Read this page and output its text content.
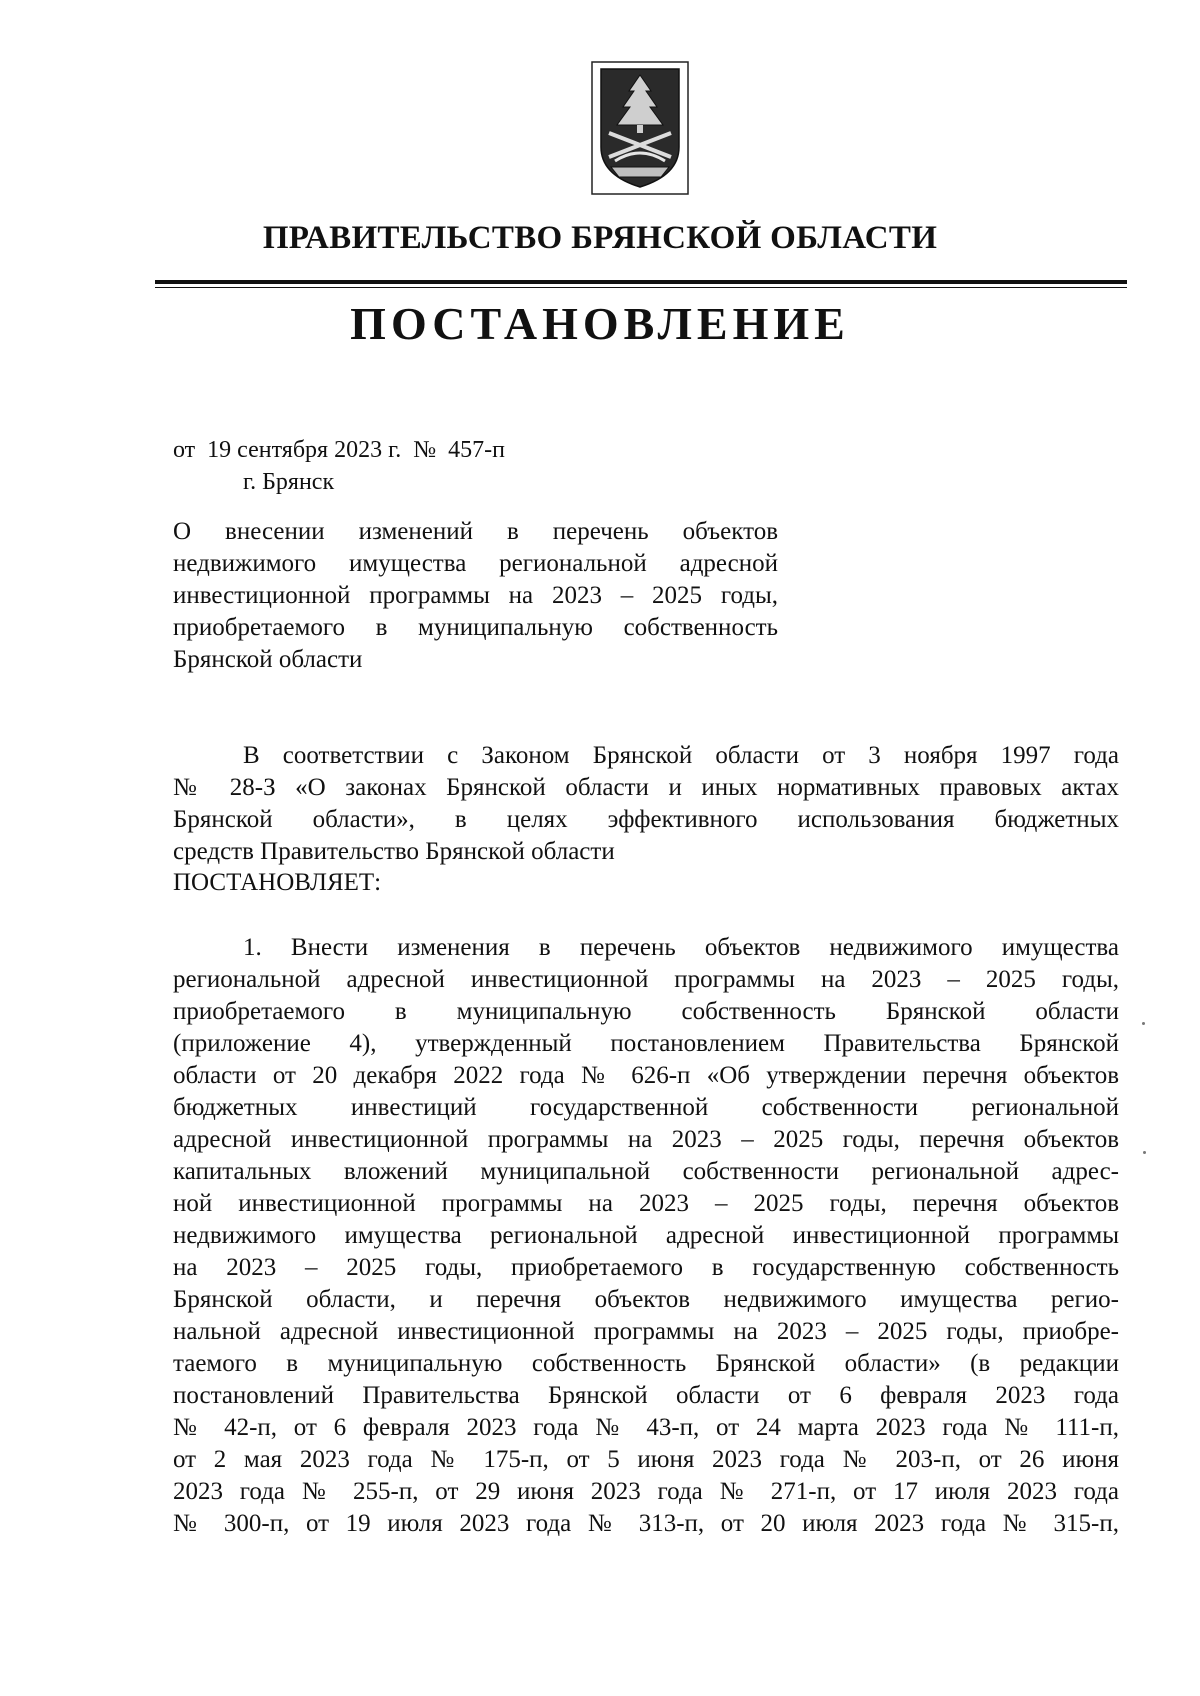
ПРАВИТЕЛЬСТВО БРЯНСКОЙ ОБЛАСТИ
ПОСТАНОВЛЕНИЕ
от  19 сентября 2023 г.  №  457-п
г. Брянск
О внесении изменений в перечень объектов
недвижимого имущества региональной адресной
инвестиционной программы на 2023 – 2025 годы,
приобретаемого в муниципальную собственность
Брянской области
В соответствии с Законом Брянской области от 3 ноября 1997 года
№ 28-З «О законах Брянской области и иных нормативных правовых актах
Брянской области», в целях эффективного использования бюджетных
средств Правительство Брянской области
ПОСТАНОВЛЯЕТ:
1. Внести изменения в перечень объектов недвижимого имущества
региональной адресной инвестиционной программы на 2023 – 2025 годы,
приобретаемого в муниципальную собственность Брянской области
(приложение 4), утвержденный постановлением Правительства Брянской
области от 20 декабря 2022 года № 626-п «Об утверждении перечня объектов
бюджетных инвестиций государственной собственности региональной
адресной инвестиционной программы на 2023 – 2025 годы, перечня объектов
капитальных вложений муниципальной собственности региональной адрес-
ной инвестиционной программы на 2023 – 2025 годы, перечня объектов
недвижимого имущества региональной адресной инвестиционной программы
на 2023 – 2025 годы, приобретаемого в государственную собственность
Брянской области, и перечня объектов недвижимого имущества регио-
нальной адресной инвестиционной программы на 2023 – 2025 годы, приобре-
таемого в муниципальную собственность Брянской области» (в редакции
постановлений Правительства Брянской области от 6 февраля 2023 года
№ 42-п, от 6 февраля 2023 года № 43-п, от 24 марта 2023 года № 111-п,
от 2 мая 2023 года № 175-п, от 5 июня 2023 года № 203-п, от 26 июня
2023 года № 255-п, от 29 июня 2023 года № 271-п, от 17 июля 2023 года
№ 300-п, от 19 июля 2023 года № 313-п, от 20 июля 2023 года № 315-п,
